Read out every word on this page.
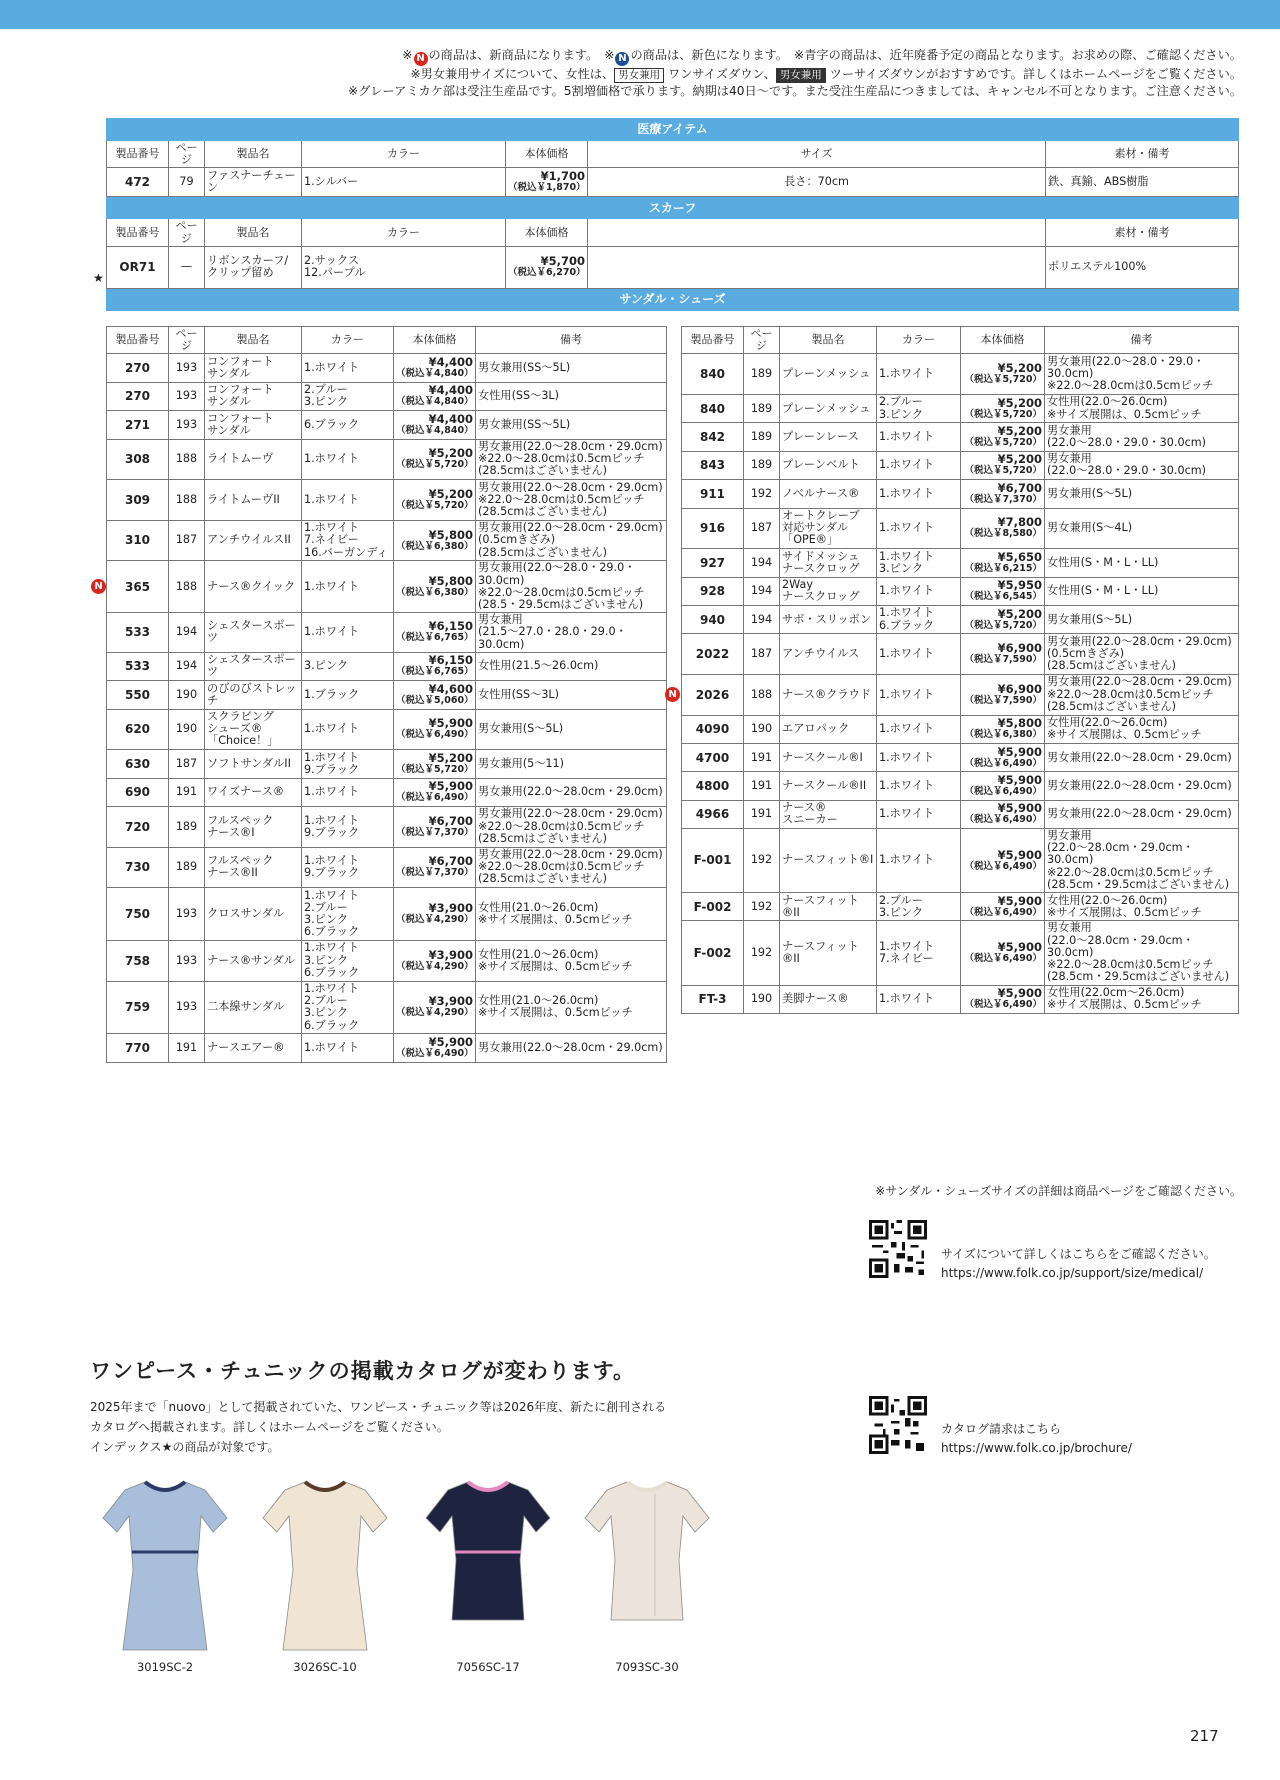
※ N の商品は、新商品になります。　※ N の商品は、新色になります。　※青字の商品は、近年廃番予定の商品となります。お求めの際、ご確認ください。
※男女兼用サイズについて、女性は、 男女兼用 ワンサイズダウン、 男女兼用 ツーサイズダウンがおすすめです。詳しくはホームページをご覧ください。
※グレーアミカケ部は受注生産品です。5割増価格で承ります。納期は40日〜です。また受注生産品につきましては、キャンセル不可となります。ご注意ください。
医療アイテム						
製品番号	ページ	製品名	カラー	本体価格	サイズ	素材・備考
472	79	ファスナーチェーン	1.シルバー	¥1,700
（税込￥1,870）	長さ：70cm	鉄、真鍮、ABS樹脂
スカーフ						
製品番号	ページ	製品名	カラー	本体価格		素材・備考
OR71	—	リボンスカーフ/
クリップ留め	2.サックス
12.パープル	¥5,700
（税込￥6,270）		ポリエステル100%
サンダル・シューズ						
★
製品番号	ページ	製品名	カラー	本体価格	備考
270	193	コンフォート
サンダル	1.ホワイト	¥4,400
（税込￥4,840）	男女兼用(SS〜5L)
270	193	コンフォート
サンダル	2.ブルー
3.ピンク	¥4,400
（税込￥4,840）	女性用(SS〜3L)
271	193	コンフォート
サンダル	6.ブラック	¥4,400
（税込￥4,840）	男女兼用(SS〜5L)
308	188	ライトムーヴ	1.ホワイト	¥5,200
（税込￥5,720）	男女兼用(22.0〜28.0cm・29.0cm)
※22.0〜28.0cmは0.5cmピッチ
(28.5cmはございません)
309	188	ライトムーヴII	1.ホワイト	¥5,200
（税込￥5,720）	男女兼用(22.0〜28.0cm・29.0cm)
※22.0〜28.0cmは0.5cmピッチ
(28.5cmはございません)
310	187	アンチウイルスII	1.ホワイト
7.ネイビー
16.バーガンディ	¥5,800
（税込￥6,380）	男女兼用(22.0〜28.0cm・29.0cm)
(0.5cmきざみ)
(28.5cmはございません)
365	188	ナース®クイック	1.ホワイト	¥5,800
（税込￥6,380）	男女兼用(22.0〜28.0・29.0・30.0cm)
※22.0〜28.0cmは0.5cmピッチ
(28.5・29.5cmはございません)
533	194	シェスタースポーツ	1.ホワイト	¥6,150
（税込￥6,765）	男女兼用
(21.5〜27.0・28.0・29.0・30.0cm)
533	194	シェスタースポーツ	3.ピンク	¥6,150
（税込￥6,765）	女性用(21.5〜26.0cm)
550	190	のびのびストレッチ	1.ブラック	¥4,600
（税込￥5,060）	女性用(SS〜3L)
620	190	スクラビング
シューズ®
「Choice！」	1.ホワイト	¥5,900
（税込￥6,490）	男女兼用(S〜5L)
630	187	ソフトサンダルII	1.ホワイト
9.ブラック	¥5,200
（税込￥5,720）	男女兼用(5〜11)
690	191	ワイズナース®	1.ホワイト	¥5,900
（税込￥6,490）	男女兼用(22.0〜28.0cm・29.0cm)
720	189	フルスペック
ナース®I	1.ホワイト
9.ブラック	¥6,700
（税込￥7,370）	男女兼用(22.0〜28.0cm・29.0cm)
※22.0〜28.0cmは0.5cmピッチ
(28.5cmはございません)
730	189	フルスペック
ナース®II	1.ホワイト
9.ブラック	¥6,700
（税込￥7,370）	男女兼用(22.0〜28.0cm・29.0cm)
※22.0〜28.0cmは0.5cmピッチ
(28.5cmはございません)
750	193	クロスサンダル	1.ホワイト
2.ブルー
3.ピンク
6.ブラック	¥3,900
（税込￥4,290）	女性用(21.0〜26.0cm)
※サイズ展開は、0.5cmピッチ
758	193	ナース®サンダル	1.ホワイト
3.ピンク
6.ブラック	¥3,900
（税込￥4,290）	女性用(21.0〜26.0cm)
※サイズ展開は、0.5cmピッチ
759	193	二本線サンダル	1.ホワイト
2.ブルー
3.ピンク
6.ブラック	¥3,900
（税込￥4,290）	女性用(21.0〜26.0cm)
※サイズ展開は、0.5cmピッチ
770	191	ナースエアー®	1.ホワイト	¥5,900
（税込￥6,490）	男女兼用(22.0〜28.0cm・29.0cm)
製品番号	ページ	製品名	カラー	本体価格	備考
840	189	プレーンメッシュ	1.ホワイト	¥5,200
（税込￥5,720）	男女兼用(22.0〜28.0・29.0・
30.0cm)
※22.0〜28.0cmは0.5cmピッチ
840	189	プレーンメッシュ	2.ブルー
3.ピンク	¥5,200
（税込￥5,720）	女性用(22.0〜26.0cm)
※サイズ展開は、0.5cmピッチ
842	189	プレーンレース	1.ホワイト	¥5,200
（税込￥5,720）	男女兼用
(22.0〜28.0・29.0・30.0cm)
843	189	プレーンベルト	1.ホワイト	¥5,200
（税込￥5,720）	男女兼用
(22.0〜28.0・29.0・30.0cm)
911	192	ノベルナース®	1.ホワイト	¥6,700
（税込￥7,370）	男女兼用(S〜5L)
916	187	オートクレーブ
対応サンダル
「OPE®」	1.ホワイト	¥7,800
（税込￥8,580）	男女兼用(S〜4L)
927	194	サイドメッシュ
ナースクロッグ	1.ホワイト
3.ピンク	¥5,650
（税込￥6,215）	女性用(S・M・L・LL)
928	194	2Way
ナースクロッグ	1.ホワイト	¥5,950
（税込￥6,545）	女性用(S・M・L・LL)
940	194	サボ・スリッポン	1.ホワイト
6.ブラック	¥5,200
（税込￥5,720）	男女兼用(S〜5L)
2022	187	アンチウイルス	1.ホワイト	¥6,900
（税込￥7,590）	男女兼用(22.0〜28.0cm・29.0cm)
(0.5cmきざみ)
(28.5cmはございません)
2026	188	ナース®クラウド	1.ホワイト	¥6,900
（税込￥7,590）	男女兼用(22.0〜28.0cm・29.0cm)
※22.0〜28.0cmは0.5cmピッチ
(28.5cmはございません)
4090	190	エアロパック	1.ホワイト	¥5,800
（税込￥6,380）	女性用(22.0〜26.0cm)
※サイズ展開は、0.5cmピッチ
4700	191	ナースクール®I	1.ホワイト	¥5,900
（税込￥6,490）	男女兼用(22.0〜28.0cm・29.0cm)
4800	191	ナースクール®II	1.ホワイト	¥5,900
（税込￥6,490）	男女兼用(22.0〜28.0cm・29.0cm)
4966	191	ナース®
スニーカー	1.ホワイト	¥5,900
（税込￥6,490）	男女兼用(22.0〜28.0cm・29.0cm)
F-001	192	ナースフィット®I	1.ホワイト	¥5,900
（税込￥6,490）	男女兼用
(22.0〜28.0cm・29.0cm・30.0cm)
※22.0〜28.0cmは0.5cmピッチ
(28.5cm・29.5cmはございません)
F-002	192	ナースフィット®II	2.ブルー
3.ピンク	¥5,900
（税込￥6,490）	女性用(22.0〜26.0cm)
※サイズ展開は、0.5cmピッチ
F-002	192	ナースフィット®II	1.ホワイト
7.ネイビー	¥5,900
（税込￥6,490）	男女兼用
(22.0〜28.0cm・29.0cm・30.0cm)
※22.0〜28.0cmは0.5cmピッチ
(28.5cm・29.5cmはございません)
FT-3	190	美脚ナース®	1.ホワイト	¥5,900
（税込￥6,490）	女性用(22.0cm〜26.0cm)
※サイズ展開は、0.5cmピッチ
※サンダル・シューズサイズの詳細は商品ページをご確認ください。
サイズについて詳しくはこちらをご確認ください。
https://www.folk.co.jp/support/size/medical/
ワンピース・チュニックの掲載カタログが変わります。
2025年まで「nuovo」として掲載されていた、ワンピース・チュニック等は2026年度、新たに創刊される
カタログへ掲載されます。詳しくはホームページをご覧ください。
インデックス★の商品が対象です。
カタログ請求はこちら
https://www.folk.co.jp/brochure/
3019SC-2	3026SC-10	7056SC-17	7093SC-30
217
N
N
